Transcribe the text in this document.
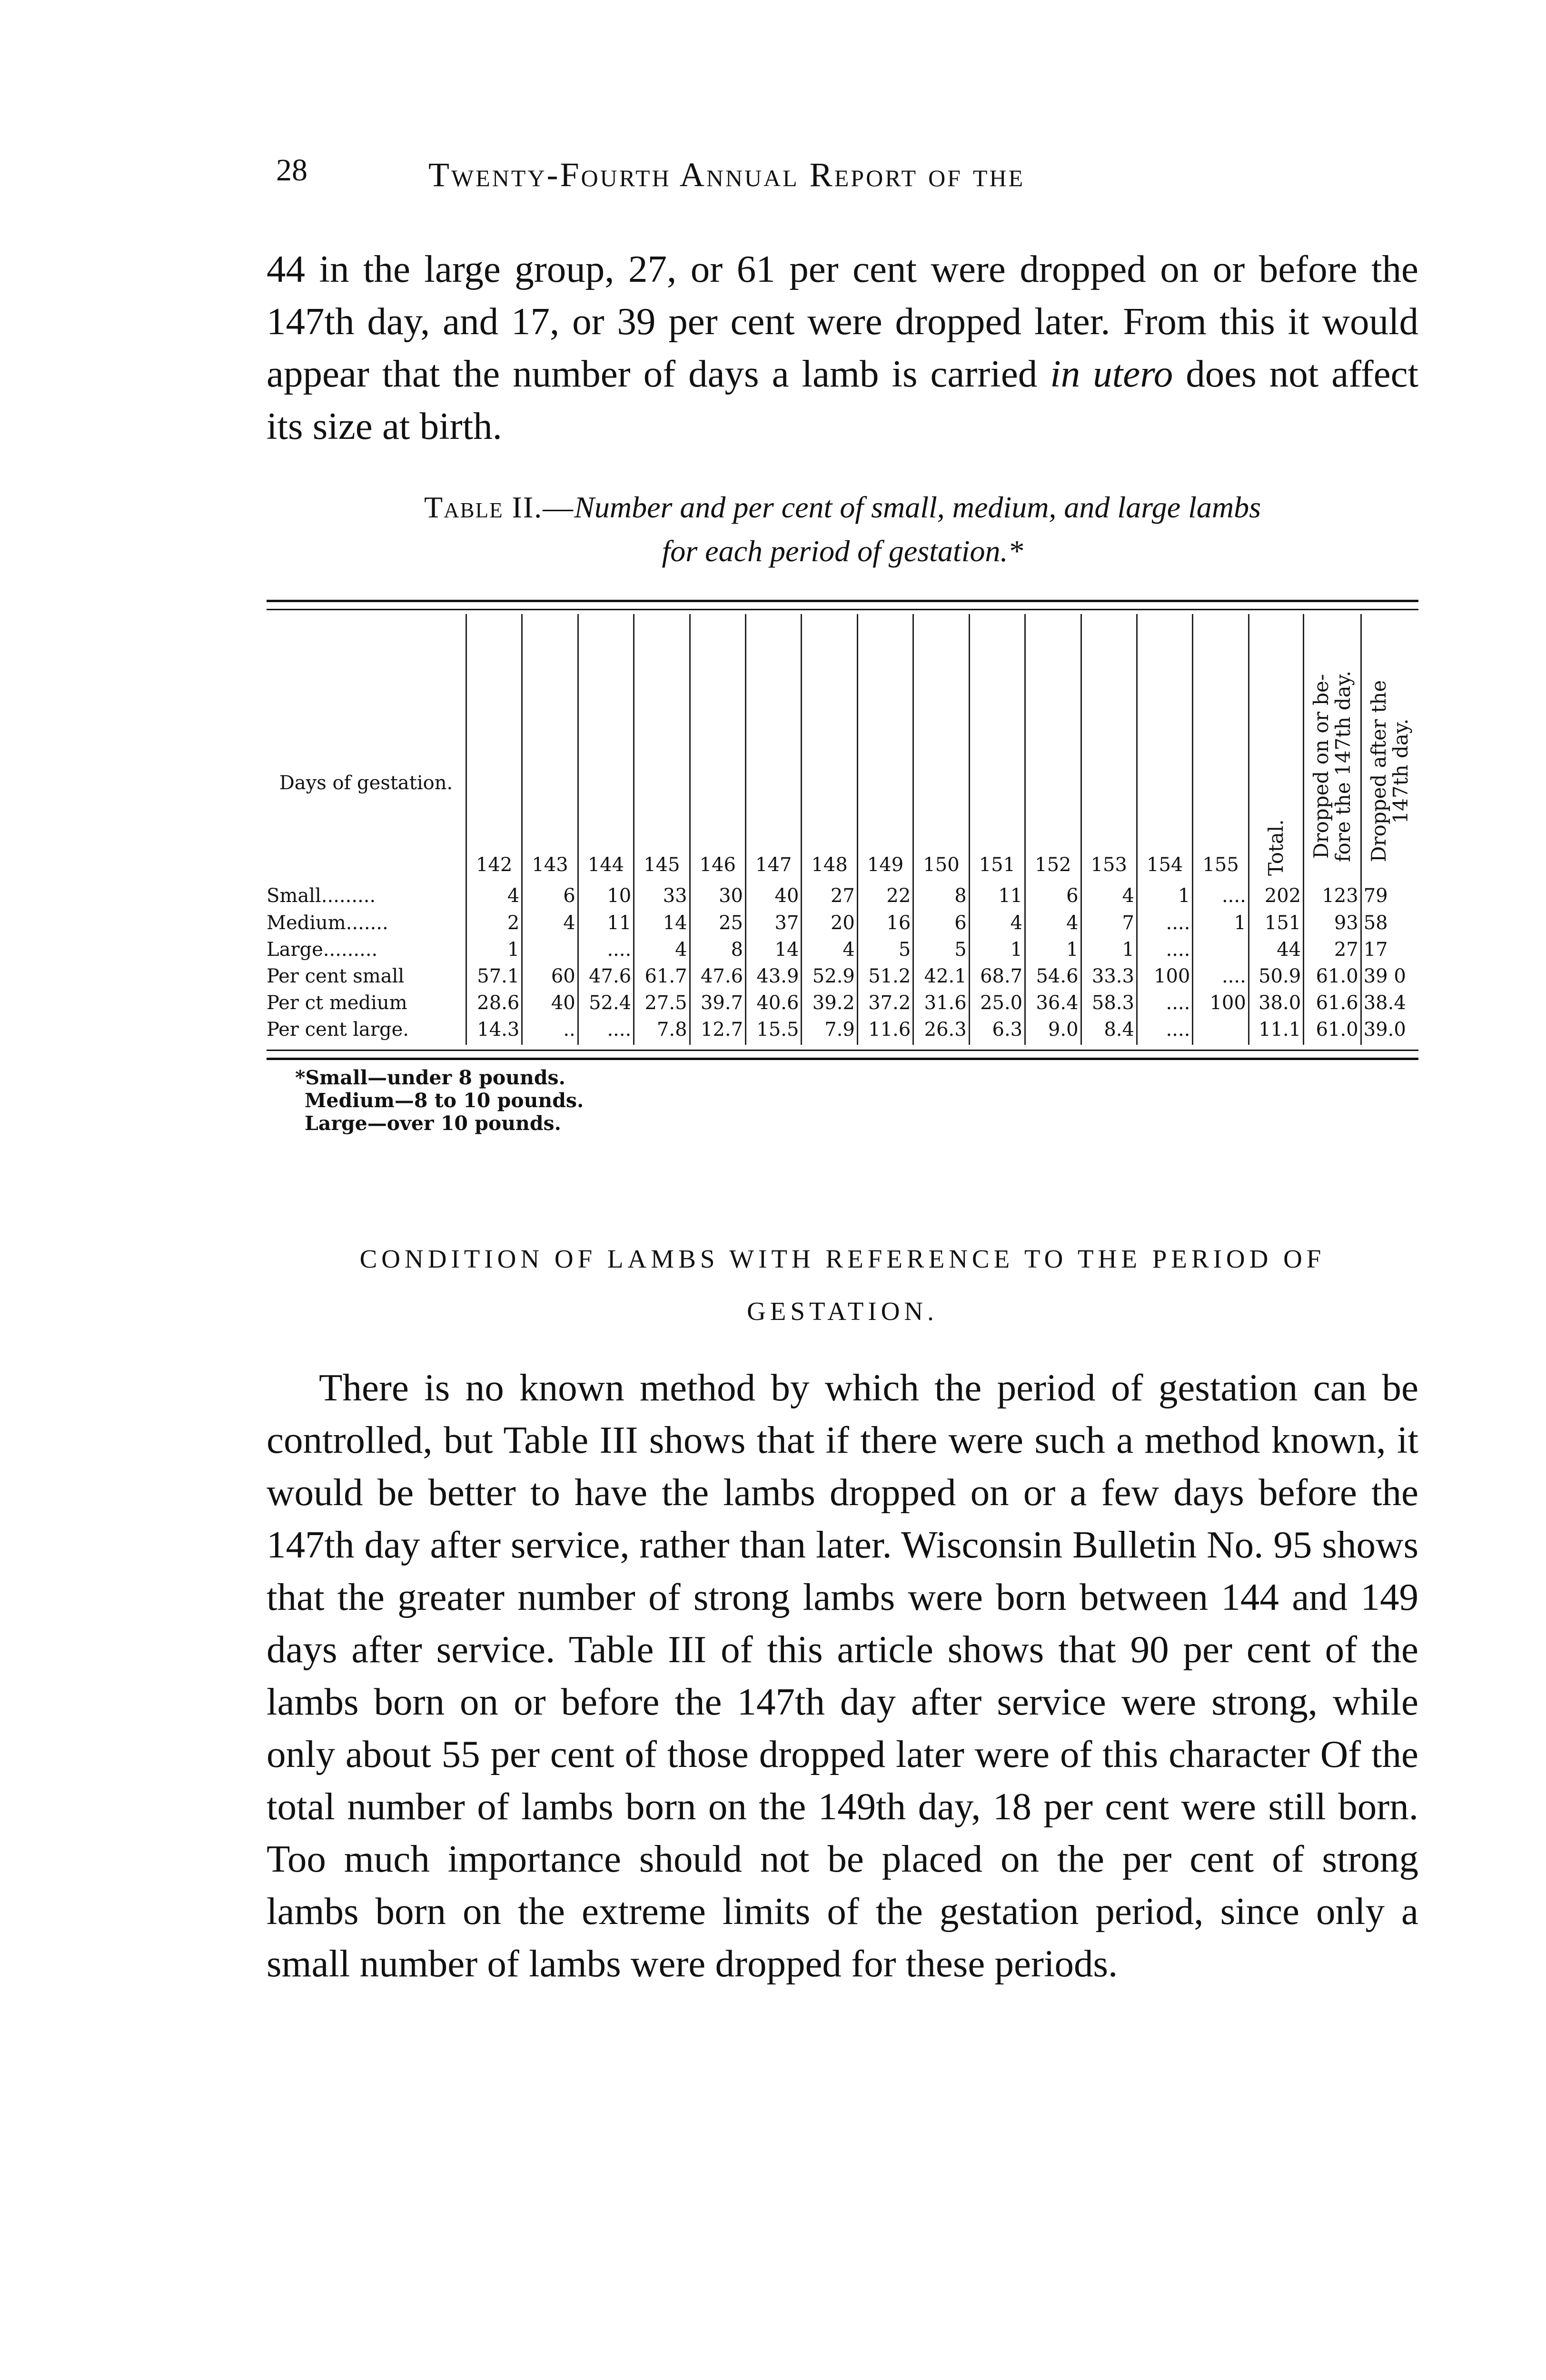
28	Twenty-Fourth Annual Report of the
44 in the large group, 27, or 61 per cent were dropped on or before the 147th day, and 17, or 39 per cent were dropped later. From this it would appear that the number of days a lamb is carried in utero does not affect its size at birth.
Table II.—Number and per cent of small, medium, and large lambs
for each period of gestation.*
Days of gestation.	142	143	144	145	146	147	148	149	150	151	152	153	154	155	Total.	Dropped on or be-fore the 147th day.	Dropped after the 147th day.

Small.........	4	6	10	33	30	40	27	22	8	11	6	4	1	....	202	123	79
Medium.......	2	4	11	14	25	37	20	16	6	4	4	7	....	1	151	93	58
Large.........	1		....	4	8	14	4	5	5	1	1	1	....		44	27	17
Per cent small	57.1	60	47.6	61.7	47.6	43.9	52.9	51.2	42.1	68.7	54.6	33.3	100	....	50.9	61.0	39 0
Per ct medium	28.6	40	52.4	27.5	39.7	40.6	39.2	37.2	31.6	25.0	36.4	58.3	....	100	38.0	61.6	38.4
Per cent large.	14.3	..	....	7.8	12.7	15.5	7.9	11.6	26.3	6.3	9.0	8.4	....		11.1	61.0	39.0
*Small—under 8 pounds.
Medium—8 to 10 pounds.
Large—over 10 pounds.
CONDITION OF LAMBS WITH REFERENCE TO THE PERIOD OF
GESTATION.
There is no known method by which the period of gestation can be controlled, but Table III shows that if there were such a method known, it would be better to have the lambs dropped on or a few days before the 147th day after service, rather than later. Wisconsin Bulletin No. 95 shows that the greater number of strong lambs were born between 144 and 149 days after service. Table III of this article shows that 90 per cent of the lambs born on or before the 147th day after service were strong, while only about 55 per cent of those dropped later were of this character Of the total number of lambs born on the 149th day, 18 per cent were still born. Too much importance should not be placed on the per cent of strong lambs born on the extreme limits of the gestation period, since only a small number of lambs were dropped for these periods.
